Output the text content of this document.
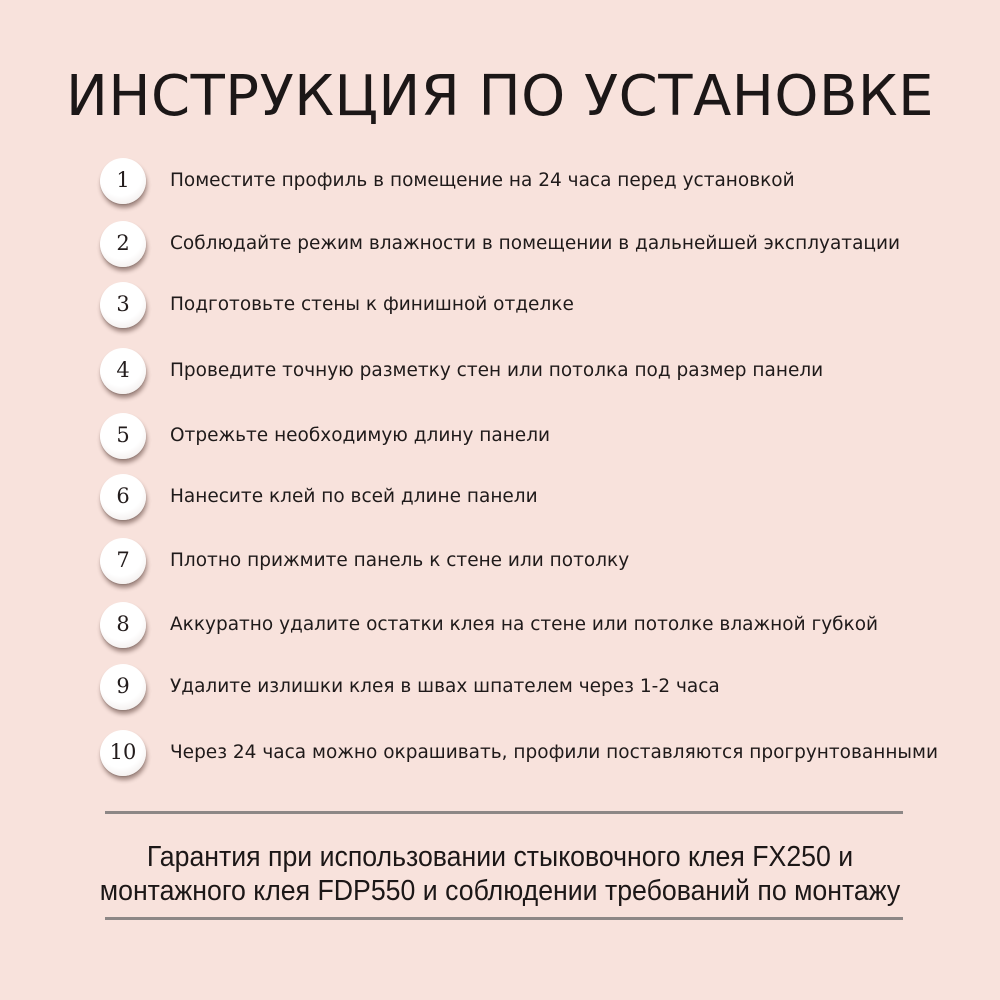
ИНСТРУКЦИЯ ПО УСТАНОВКЕ
1	Поместите профиль в помещение на 24 часа перед установкой
2	Соблюдайте режим влажности в помещении в дальнейшей эксплуатации
3	Подготовьте стены к финишной отделке
4	Проведите точную разметку стен или потолка под размер панели
5	Отрежьте необходимую длину панели
6	Нанесите клей по всей длине панели
7	Плотно прижмите панель к стене или потолку
8	Аккуратно удалите остатки клея на стене или потолке влажной губкой
9	Удалите излишки клея в швах шпателем через 1-2 часа
10	Через 24 часа можно окрашивать, профили поставляются прогрунтованными
Гарантия при использовании стыковочного клея FX250 и
монтажного клея FDP550 и соблюдении требований по монтажу
